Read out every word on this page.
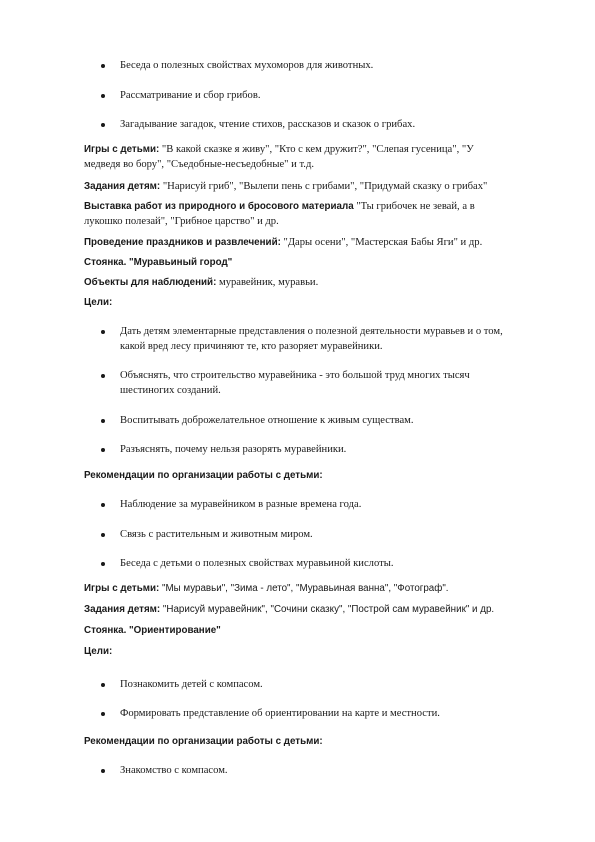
Беседа о полезных свойствах мухоморов для животных.
Рассматривание и сбор грибов.
Загадывание загадок, чтение стихов, рассказов и сказок о грибах.
Игры с детьми: "В какой сказке я живу", "Кто с кем дружит?", "Слепая гусеница", "У
медведя во бору", "Съедобные-несъедобные" и т.д.
Задания детям: "Нарисуй гриб", "Вылепи пень с грибами", "Придумай сказку о грибах"
Выставка работ из природного и бросового материала "Ты грибочек не зевай, а в
лукошко полезай", "Грибное царство" и др.
Проведение праздников и развлечений: "Дары осени", "Мастерская Бабы Яги" и др.
Стоянка. "Муравьиный город"
Объекты для наблюдений: муравейник, муравьи.
Цели:
Дать детям элементарные представления о полезной деятельности муравьев и о том,
какой вред лесу причиняют те, кто разоряет муравейники.
Объяснять, что строительство муравейника - это большой труд многих тысяч
шестиногих созданий.
Воспитывать доброжелательное отношение к живым существам.
Разъяснять, почему нельзя разорять муравейники.
Рекомендации по организации работы с детьми:
Наблюдение за муравейником в разные времена года.
Связь с растительным и животным миром.
Беседа с детьми о полезных свойствах муравьиной кислоты.
Игры с детьми: "Мы муравьи", "Зима - лето", "Муравьиная ванна", "Фотограф".
Задания детям: "Нарисуй муравейник", "Сочини сказку", "Построй сам муравейник" и др.
Стоянка. "Ориентирование"
Цели:
Познакомить детей с компасом.
Формировать представление об ориентировании на карте и местности.
Рекомендации по организации работы с детьми:
Знакомство с компасом.
